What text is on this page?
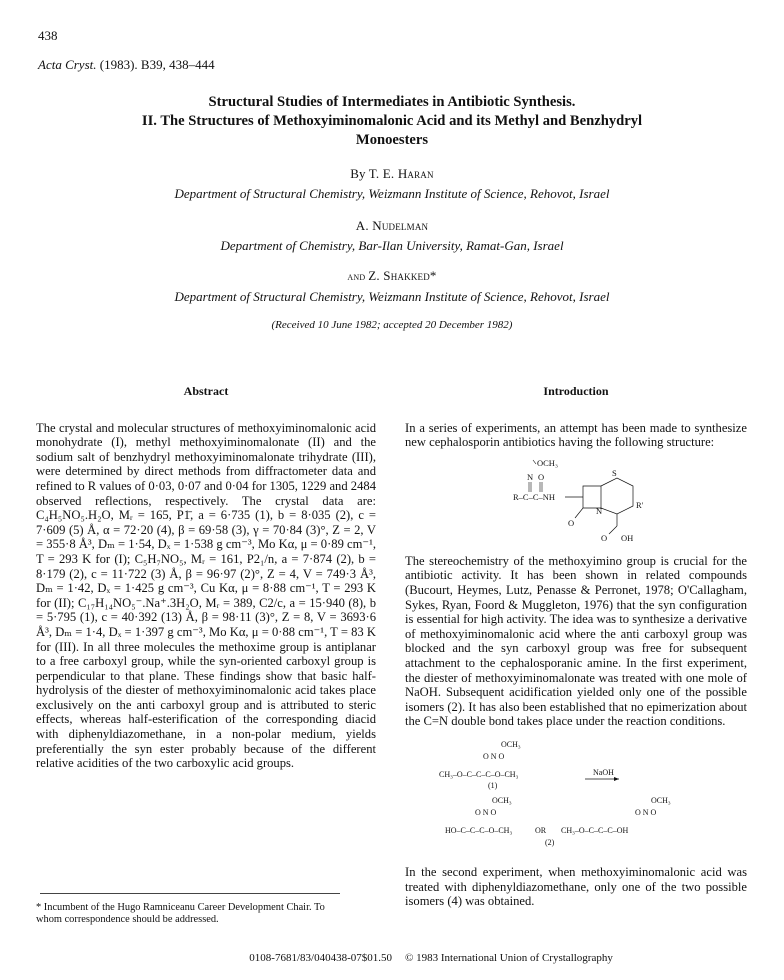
438
Acta Cryst. (1983). B39, 438–444
Structural Studies of Intermediates in Antibiotic Synthesis.
II. The Structures of Methoxyiminomalonic Acid and its Methyl and Benzhydryl
Monoesters
By T. E. Haran
Department of Structural Chemistry, Weizmann Institute of Science, Rehovot, Israel
A. Nudelman
Department of Chemistry, Bar-Ilan University, Ramat-Gan, Israel
and Z. Shakked*
Department of Structural Chemistry, Weizmann Institute of Science, Rehovot, Israel
(Received 10 June 1982; accepted 20 December 1982)
Abstract
The crystal and molecular structures of methoxyiminomalonic acid monohydrate (I), methyl methoxyiminomalonate (II) and the sodium salt of benzhydryl methoxyiminomalonate trihydrate (III), were determined by direct methods from diffractometer data and refined to R values of 0·03, 0·07 and 0·04 for 1305, 1229 and 2484 observed reflections, respectively. The crystal data are: C₄H₅NO₅.H₂O, Mᵣ = 165, P1̄, a = 6·735 (1), b = 8·035 (2), c = 7·609 (5) Å, α = 72·20 (4), β = 69·58 (3), γ = 70·84 (3)°, Z = 2, V = 355·8 Å³, Dₘ = 1·54, Dₓ = 1·538 g cm⁻³, Mo Kα, μ = 0·89 cm⁻¹, T = 293 K for (I); C₅H₇NO₅, Mᵣ = 161, P2₁/n, a = 7·874 (2), b = 8·179 (2), c = 11·722 (3) Å, β = 96·97 (2)°, Z = 4, V = 749·3 Å³, Dₘ = 1·42, Dₓ = 1·425 g cm⁻³, Cu Kα, μ = 8·88 cm⁻¹, T = 293 K for (II); C₁₇H₁₄NO₅⁻.Na⁺.3H₂O, Mᵣ = 389, C2/c, a = 15·940 (8), b = 5·795 (1), c = 40·392 (13) Å, β = 98·11 (3)°, Z = 8, V = 3693·6 Å³, Dₘ = 1·4, Dₓ = 1·397 g cm⁻³, Mo Kα, μ = 0·88 cm⁻¹, T = 83 K for (III). In all three molecules the methoxime group is antiplanar to a free carboxyl group, while the syn-oriented carboxyl group is perpendicular to that plane. These findings show that basic half-hydrolysis of the diester of methoxyiminomalonic acid takes place exclusively on the anti carboxyl group and is attributed to steric effects, whereas half-esterification of the corresponding diacid with diphenyldiazomethane, in a non-polar medium, yields preferentially the syn ester probably because of the different relative acidities of the two carboxylic acid groups.
Introduction
In a series of experiments, an attempt has been made to synthesize new cephalosporin antibiotics having the following structure:
OCH₃
N O
R–C–C–NH
S
N
R'
O
O OH
The stereochemistry of the methoxyimino group is crucial for the antibiotic activity. It has been shown in related compounds (Bucourt, Heymes, Lutz, Penasse & Perronet, 1978; O'Callagham, Sykes, Ryan, Foord & Muggleton, 1976) that the syn configuration is essential for high activity. The idea was to synthesize a derivative of methoxyiminomalonic acid where the anti carboxyl group was blocked and the syn carboxyl group was free for subsequent attachment to the cephalosporanic amine. In the first experiment, the diester of methoxyiminomalonate was treated with one mole of NaOH. Subsequent acidification yielded only one of the possible isomers (2). It has also been established that no epimerization about the C=N double bond takes place under the reaction conditions.
OCH₃
O N O
CH₃–O–C–C–C–O–CH₃
(1)
NaOH
OCH₃
O N O
HO–C–C–C–O–CH₃	OR
OCH₃
O N O
CH₃–O–C–C–C–OH
(2)
In the second experiment, when methoxyiminomalonic acid was treated with diphenyldiazomethane, only one of the two possible isomers (4) was obtained.
* Incumbent of the Hugo Ramniceanu Career Development Chair. To whom correspondence should be addressed.
0108-7681/83/040438-07$01.50 © 1983 International Union of Crystallography
